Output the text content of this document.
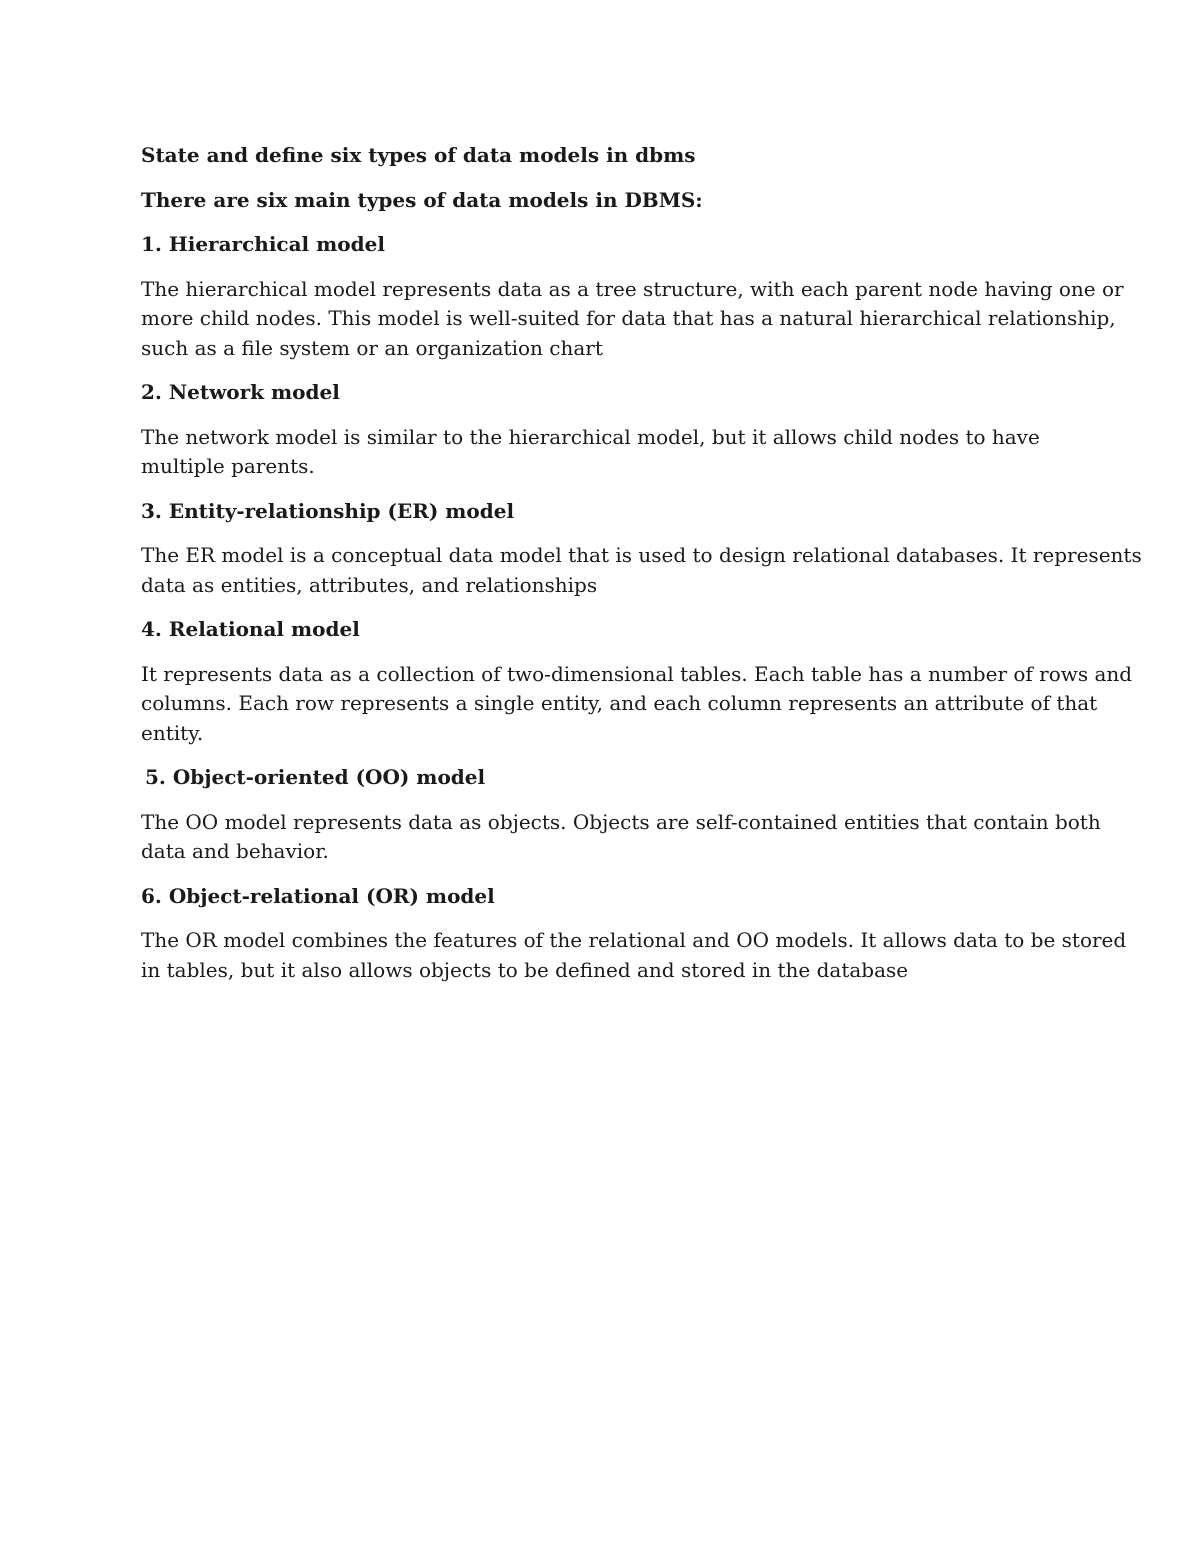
State and define six types of data models in dbms

There are six main types of data models in DBMS:

1. Hierarchical model

The hierarchical model represents data as a tree structure, with each parent node having one or
more child nodes. This model is well-suited for data that has a natural hierarchical relationship,
such as a file system or an organization chart

2. Network model

The network model is similar to the hierarchical model, but it allows child nodes to have
multiple parents.

3. Entity-relationship (ER) model

The ER model is a conceptual data model that is used to design relational databases. It represents
data as entities, attributes, and relationships

4. Relational model

It represents data as a collection of two-dimensional tables. Each table has a number of rows and
columns. Each row represents a single entity, and each column represents an attribute of that
entity.

5. Object-oriented (OO) model

The OO model represents data as objects. Objects are self-contained entities that contain both
data and behavior.

6. Object-relational (OR) model

The OR model combines the features of the relational and OO models. It allows data to be stored
in tables, but it also allows objects to be defined and stored in the database
